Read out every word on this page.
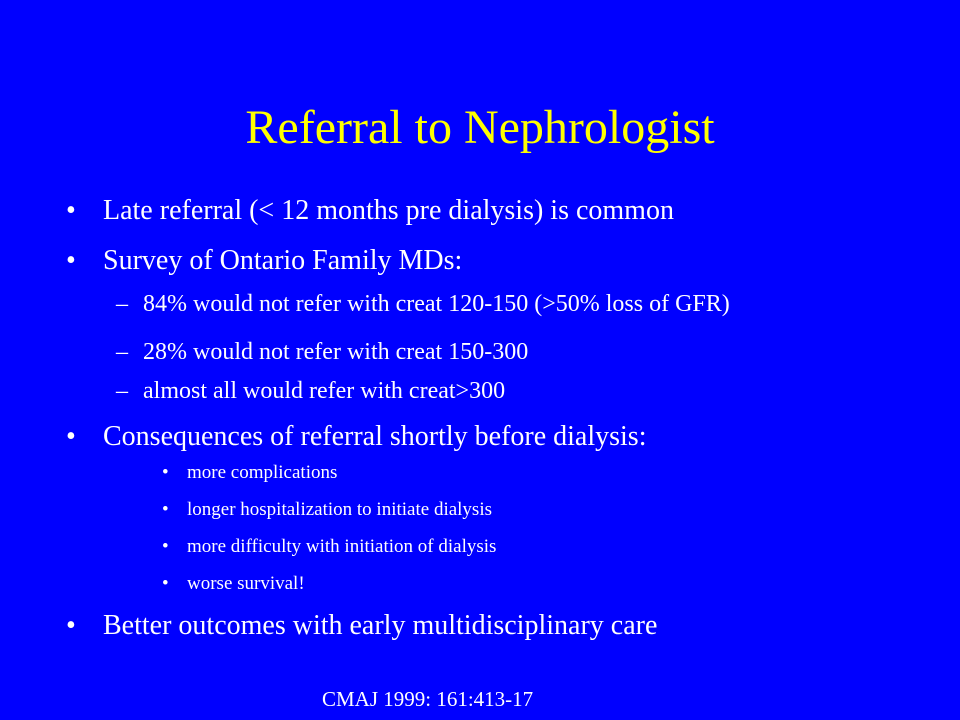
Referral to Nephrologist
• Late referral (< 12 months pre dialysis) is common
• Survey of Ontario Family MDs:
– 84% would not refer with creat 120-150 (>50% loss of GFR)
– 28% would not refer with creat 150-300
– almost all would refer with creat>300
• Consequences of referral shortly before dialysis:
• more complications
• longer hospitalization to initiate dialysis
• more difficulty with initiation of dialysis
• worse survival!
• Better outcomes with early multidisciplinary care
CMAJ 1999: 161:413-17
